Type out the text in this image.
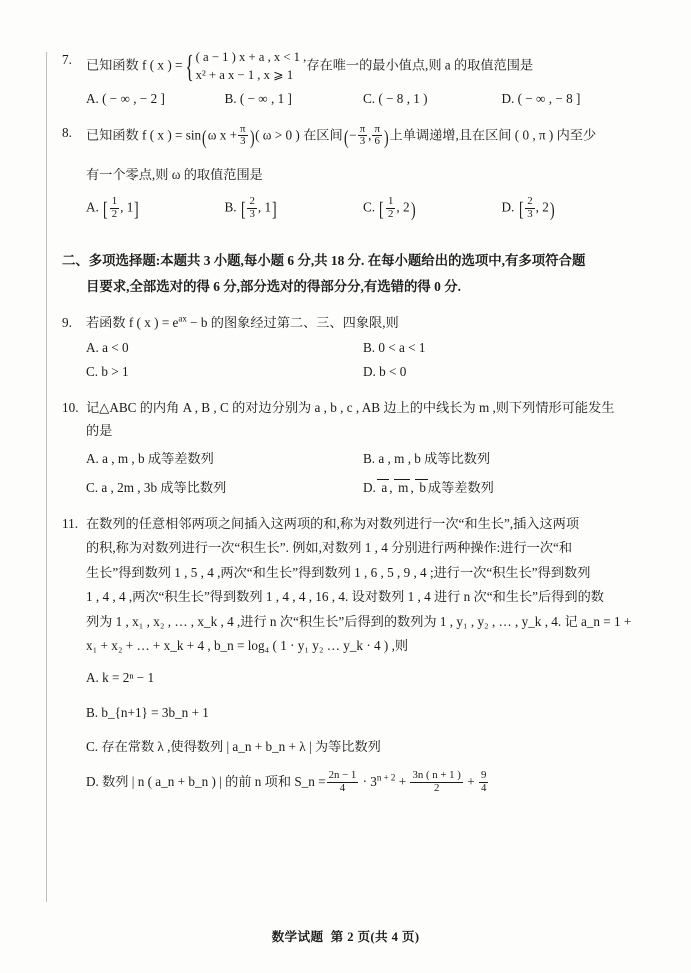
7.	已知函数 f ( x ) = { ( a − 1 ) x + a , x < 1 ,
x² + a x − 1 , x ⩾ 1
存在唯一的最小值点,则 a 的取值范围是
A. ( − ∞ , − 2 ]	B. ( − ∞ , 1 ]	C. ( − 8 , 1 )	D. ( − ∞ , − 8 ]
8.	已知函数 f ( x ) = sin(ω $x + \frac{\pi}{3}$ )( ω > 0 ) 在区间(− $\frac{\pi}{3}$ , $\frac{\pi}{6}$ )上单调递增,且在区间 ( 0 , π ) 内至少
有一个零点,则 ω 的取值范围是
A. [ $\frac{1}{2}$ , 1]	B. [ $\frac{2}{3}$ , 1]	C. [ $\frac{1}{2}$ , 2)	D. [ $\frac{2}{3}$ , 2)
二、多项选择题:本题共 3 小题,每小题 6 分,共 18 分. 在每小题给出的选项中,有多项符合题
目要求,全部选对的得 6 分,部分选对的得部分分,有选错的得 0 分.
9.	若函数 f ( x ) = $e^{ax} - b$ 的图象经过第二、三、四象限,则
A. a < 0	B. 0 < a < 1
C. b > 1	D. b < 0
10. 记△ABC 的内角 A , B , C 的对边分别为 a , b , c , AB 边上的中线长为 m ,则下列情形可能发生
的是
A. a , m , b 成等差数列	B. a , m , b 成等比数列
C. a , 2m , 3b 成等比数列	D. a ,  m ,  b 成等差数列
11. 在数列的任意相邻两项之间插入这两项的和,称为对数列进行一次“和生长”,插入这两项
的积,称为对数列进行一次“积生长”. 例如,对数列 1 , 4 分别进行两种操作:进行一次“和
生长”得到数列 1 , 5 , 4 ,两次“和生长”得到数列 1 , 6 , 5 , 9 , 4 ;进行一次“积生长”得到数列
1 , 4 , 4 ,两次“积生长”得到数列 1 , 4 , 4 , 16 , 4. 设对数列 1 , 4 进行 n 次“和生长”后得到的数
列为 1 , x₁ , x₂ , … , x_k , 4 ,进行 n 次“积生长”后得到的数列为 1 , y₁ , y₂ , … , y_k , 4. 记 a_n = 1 +
x₁ + x₂ + … + x_k + 4 , b_n = log₄ ( 1 · y₁ y₂ … y_k · 4 ) ,则
A. k = 2ⁿ − 1
B. b_{n+1} = 3b_n + 1
C. 存在常数 λ ,使得数列 | a_n + b_n + λ | 为等比数列
D. 数列 | n ( a_n + b_n ) | 的前 n 项和 S_n = $\frac{2n - 1}{4} \cdot 3^{n + 2} + \frac{3n ( n + 1 )}{2} + \frac{9}{4}$
数学试题 第 2 页(共 4 页)
